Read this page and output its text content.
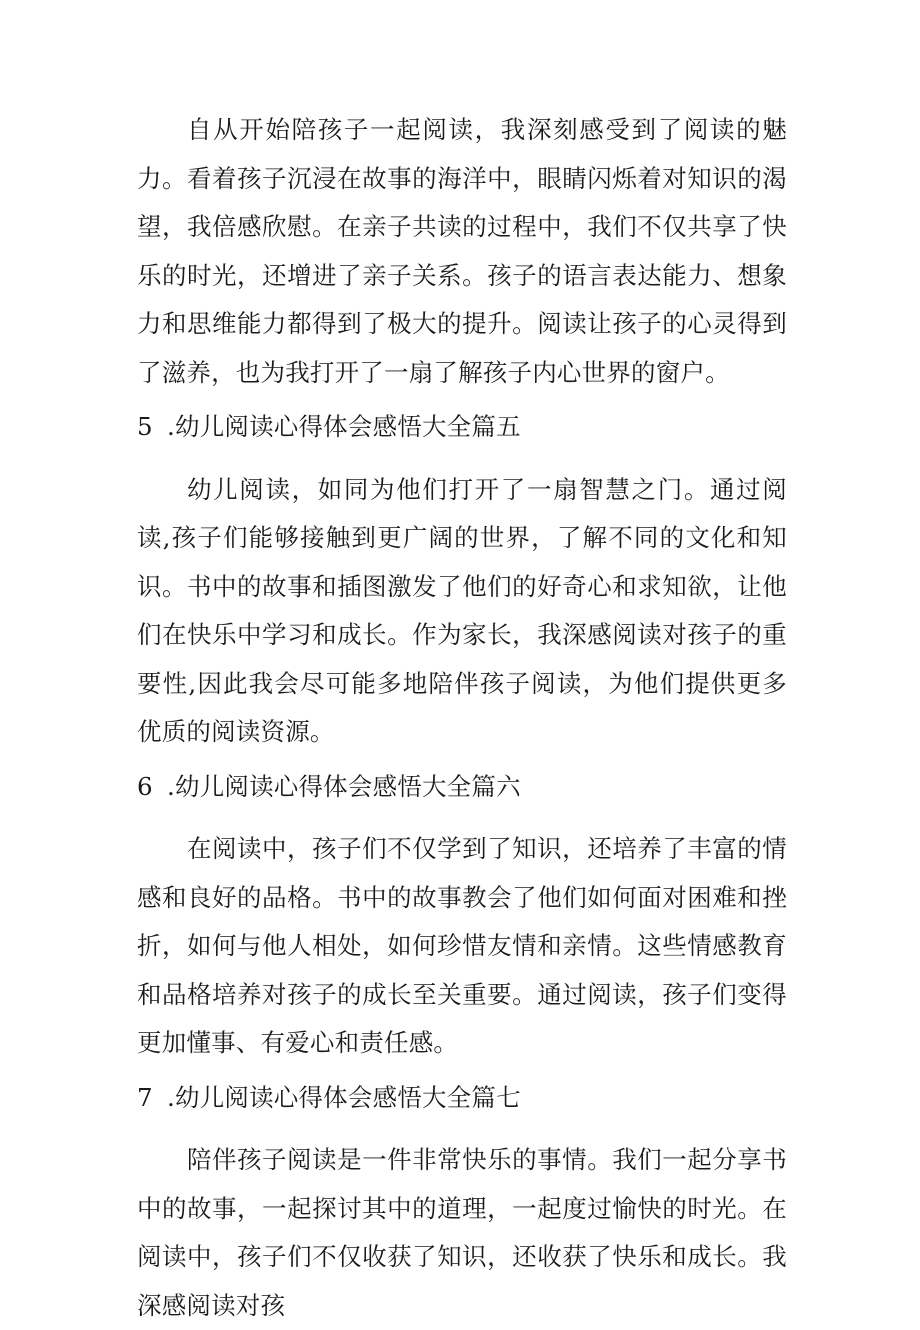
自从开始陪孩子一起阅读，我深刻感受到了阅读的魅力。看着孩子沉浸在故事的海洋中，眼睛闪烁着对知识的渴望，我倍感欣慰。在亲子共读的过程中，我们不仅共享了快乐的时光，还增进了亲子关系。孩子的语言表达能力、想象力和思维能力都得到了极大的提升。阅读让孩子的心灵得到了滋养，也为我打开了一扇了解孩子内心世界的窗户。

5 .幼儿阅读心得体会感悟大全篇五

幼儿阅读，如同为他们打开了一扇智慧之门。通过阅读,孩子们能够接触到更广阔的世界，了解不同的文化和知识。书中的故事和插图激发了他们的好奇心和求知欲，让他们在快乐中学习和成长。作为家长，我深感阅读对孩子的重要性,因此我会尽可能多地陪伴孩子阅读，为他们提供更多优质的阅读资源。

6 .幼儿阅读心得体会感悟大全篇六

在阅读中，孩子们不仅学到了知识，还培养了丰富的情感和良好的品格。书中的故事教会了他们如何面对困难和挫折，如何与他人相处，如何珍惜友情和亲情。这些情感教育和品格培养对孩子的成长至关重要。通过阅读，孩子们变得更加懂事、有爱心和责任感。

7 .幼儿阅读心得体会感悟大全篇七

陪伴孩子阅读是一件非常快乐的事情。我们一起分享书中的故事，一起探讨其中的道理，一起度过愉快的时光。在阅读中，孩子们不仅收获了知识，还收获了快乐和成长。我深感阅读对孩
